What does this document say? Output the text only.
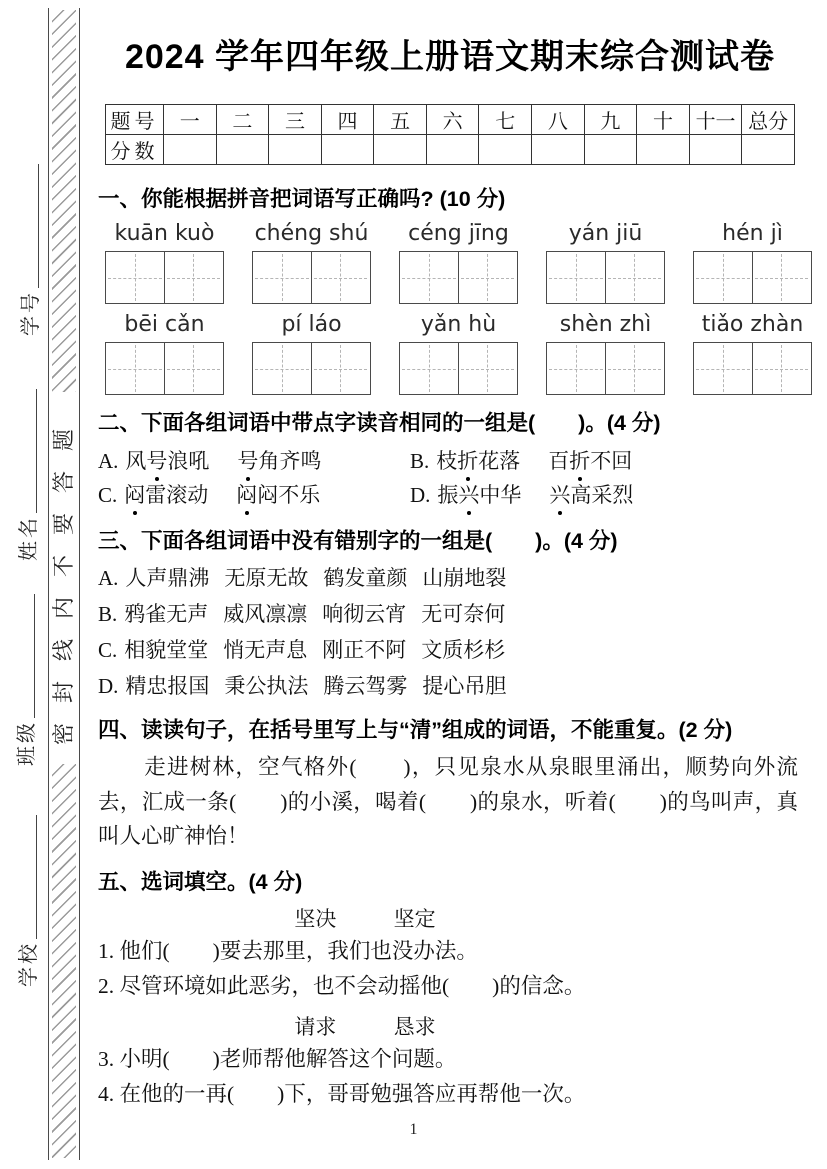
密封线内不要答题
学号
姓名
班级
学校
2024 学年四年级上册语文期末综合测试卷
题号	一	二	三	四	五	六	七	八	九	十	十一	总分
分数												
一、你能根据拼音把词语写正确吗? (10 分)
kuān kuò	chéng shú	céng jīng	yán jiū	hén jì
bēi cǎn	pí láo	yǎn hù	shèn zhì	tiǎo zhàn
二、下面各组词语中带点字读音相同的一组是(　　)。(4 分)
A. 风号浪吼 号角齐鸣	B. 枝折花落 百折不回
C. 闷雷滚动 闷闷不乐	D. 振兴中华 兴高采烈
三、下面各组词语中没有错别字的一组是(　　)。(4 分)
A. 人声鼎沸 无原无故 鹤发童颜 山崩地裂
B. 鸦雀无声 威风凛凛 响彻云宵 无可奈何
C. 相貌堂堂 悄无声息 刚正不阿 文质杉杉
D. 精忠报国 秉公执法 腾云驾雾 提心吊胆
四、读读句子，在括号里写上与“清”组成的词语，不能重复。(2 分)
走进树林，空气格外(　　)，只见泉水从泉眼里涌出，顺势向外流去，汇成一条(　　)的小溪，喝着(　　)的泉水，听着(　　)的鸟叫声，真叫人心旷神怡！
五、选词填空。(4 分)
坚决	坚定
1. 他们(　　)要去那里，我们也没办法。
2. 尽管环境如此恶劣，也不会动摇他(　　)的信念。
请求	恳求
3. 小明(　　)老师帮他解答这个问题。
4. 在他的一再(　　)下，哥哥勉强答应再帮他一次。
1
